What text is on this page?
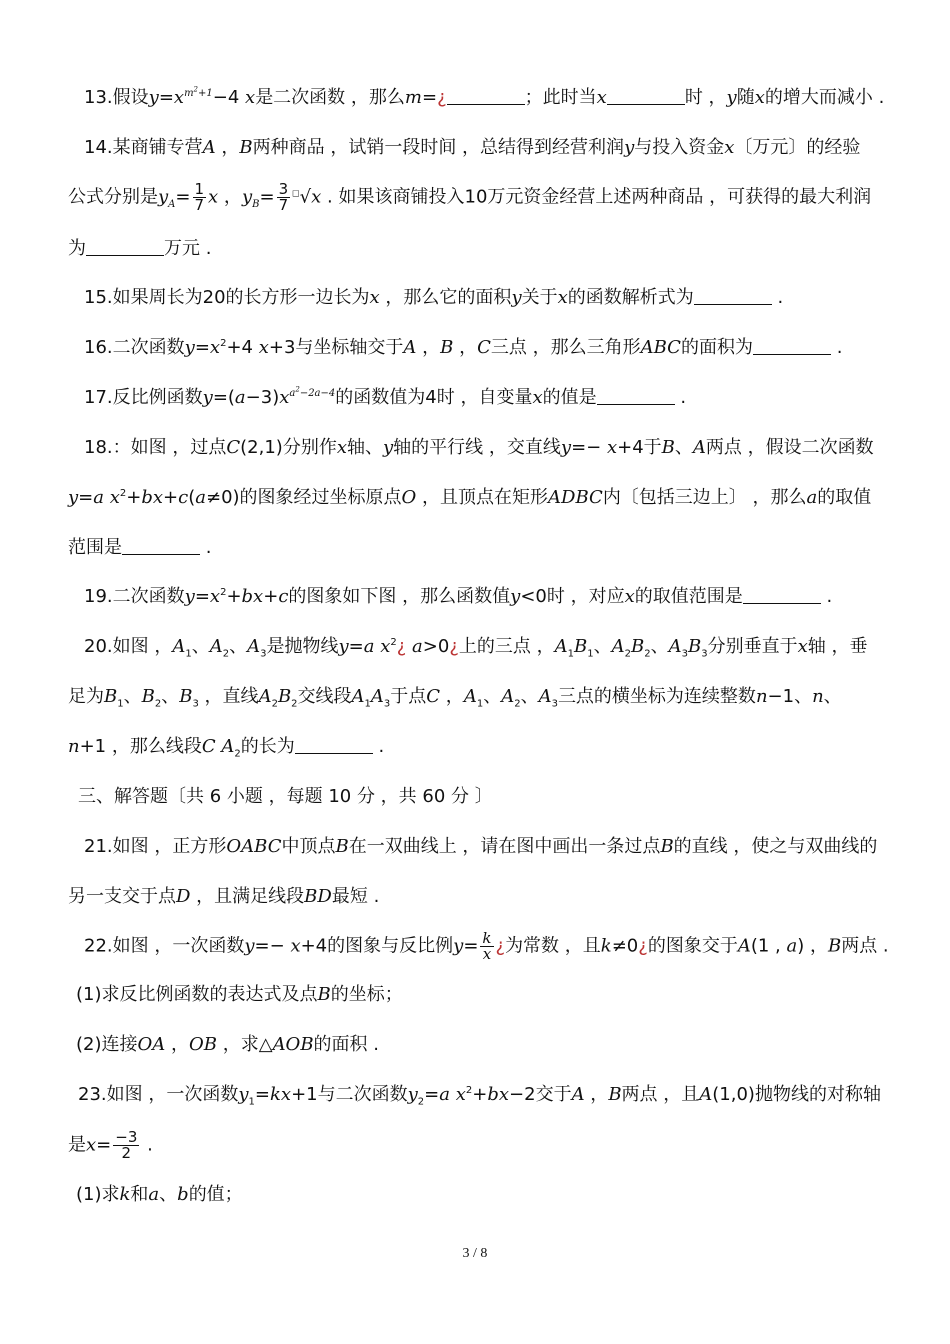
13.假设$y=x^{m^2+1}-4$ x是二次函数 ，那么m=¿	；此时当x	时 ，y随x的增大而减小 .
14.某商铺专营A ，B两种商品 ，试销一段时间 ，总结得到经营利润y与投入资金x〔万元〕的经验
公式分别是$y_A= \frac{1}{7}$ x ，$y_B= \frac{3}{7} ^□√x$ . 如果该商铺投入10万元资金经营上述两种商品 ，可获得的最大利润
为	万元 .
15.如果周长为20的长方形一边长为x ，那么它的面积y关于x的函数解析式为	.
16.二次函数$y=x^2+4$ x+3与坐标轴交于A ，B ，C三点 ，那么三角形ABC的面积为	.
17.反比例函数$y=(a-3)x^{a^2-2a-4}$的函数值为4时 ，自变量x的值是	.
18.：如图 ，过点C(2,1)分别作x轴、y轴的平行线 ，交直线y=− x+4于B、A两点 ，假设二次函数
y=a $x^2+bx+c(a\ne 0)$的图象经过坐标原点O ，且顶点在矩形ADBC内〔包括三边上〕 ，那么a的取值
范围是	.
19.二次函数$y=x^2+bx+c$的图象如下图 ，那么函数值y<0时 ，对应x的取值范围是	.
20.如图 ，$A_1$、$A_2$、$A_3$是抛物线y=a $x^2¿$ a>0¿上的三点 ，$A_1B_1$、$A_2B_2$、$A_3B_3$分别垂直于x轴 ，垂
足为$B_1$、$B_2$、$B_3$ ，直线$A_2B_2$交线段$A_1A_3$于点C ，$A_1$、$A_2$、$A_3$三点的横坐标为连续整数n−1、n、
n+1 ，那么线段C $A_2$的长为	.
三、解答题〔共 6 小题 ，每题 10 分 ，共 60 分 〕
21.如图 ，正方形OABC中顶点B在一双曲线上 ，请在图中画出一条过点B的直线 ，使之与双曲线的
另一支交于点D ，且满足线段BD最短 .
22.如图 ，一次函数y=− x+4的图象与反比例$y= \frac{k}{x}$ ¿为常数 ，且k≠0¿的图象交于A(1 , a) ，B两点 .
(1)求反比例函数的表达式及点B的坐标；
(2)连接OA ，OB ，求△AOB的面积 .
23.如图 ，一次函数$y_1=kx+1$与二次函数$y_2=a$ $x^2+bx-2$交于A ，B两点 ，且A(1,0)抛物线的对称轴
是$x= \frac{-3}{2}$ .
(1)求k和a、b的值；
3 / 8
